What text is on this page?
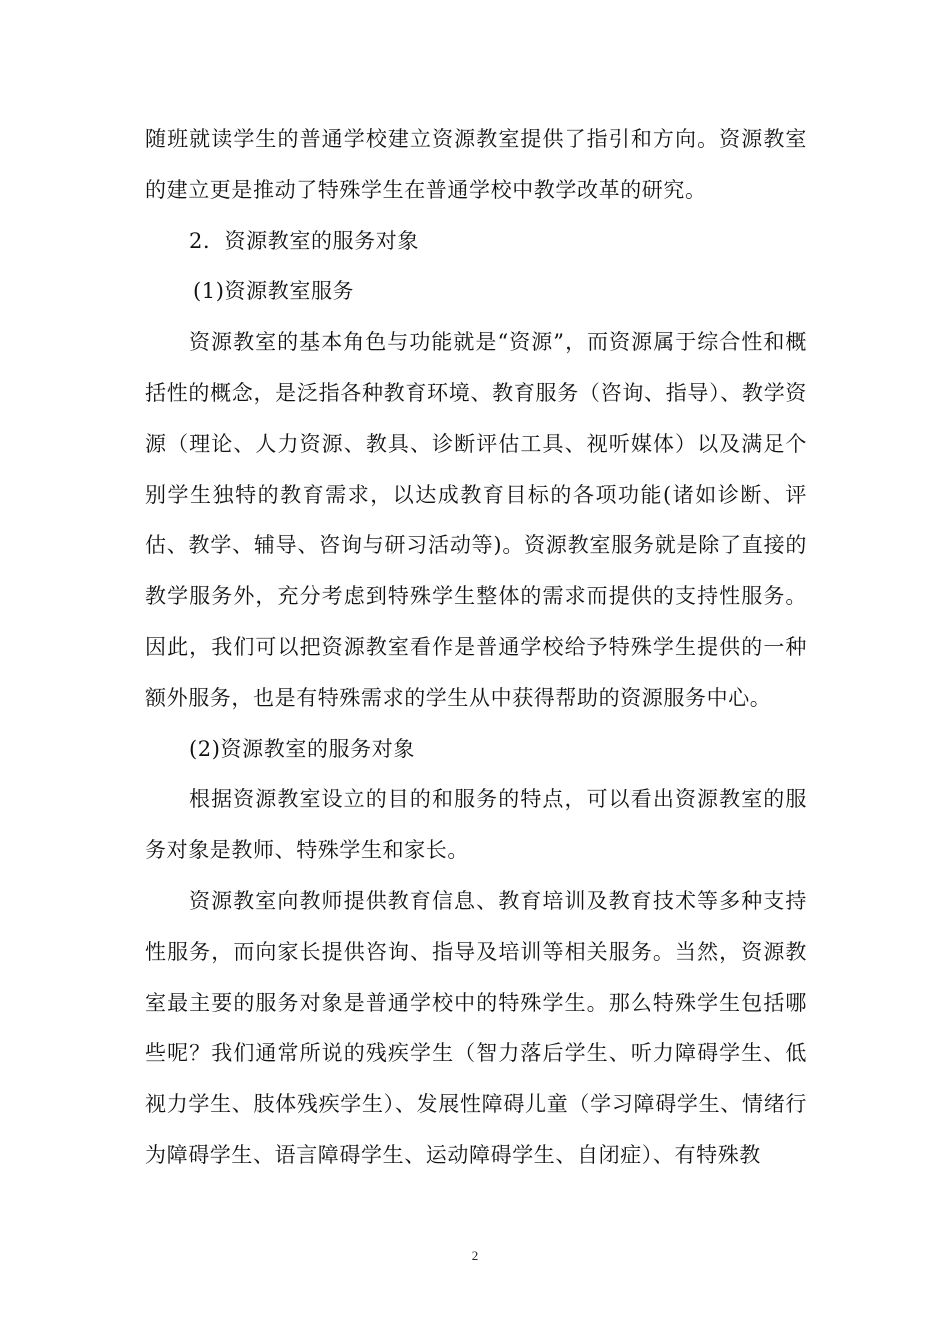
随班就读学生的普通学校建立资源教室提供了指引和方向。资源教室的建立更是推动了特殊学生在普通学校中教学改革的研究。

2．资源教室的服务对象

(1)资源教室服务

资源教室的基本角色与功能就是“资源”，而资源属于综合性和概括性的概念，是泛指各种教育环境、教育服务（咨询、指导）、教学资源（理论、人力资源、教具、诊断评估工具、视听媒体）以及满足个别学生独特的教育需求，以达成教育目标的各项功能(诸如诊断、评估、教学、辅导、咨询与研习活动等)。资源教室服务就是除了直接的教学服务外，充分考虑到特殊学生整体的需求而提供的支持性服务。因此，我们可以把资源教室看作是普通学校给予特殊学生提供的一种额外服务，也是有特殊需求的学生从中获得帮助的资源服务中心。

(2)资源教室的服务对象

根据资源教室设立的目的和服务的特点，可以看出资源教室的服务对象是教师、特殊学生和家长。

资源教室向教师提供教育信息、教育培训及教育技术等多种支持性服务，而向家长提供咨询、指导及培训等相关服务。当然，资源教室最主要的服务对象是普通学校中的特殊学生。那么特殊学生包括哪些呢？我们通常所说的残疾学生（智力落后学生、听力障碍学生、低视力学生、肢体残疾学生）、发展性障碍儿童（学习障碍学生、情绪行为障碍学生、语言障碍学生、运动障碍学生、自闭症）、有特殊教

2
